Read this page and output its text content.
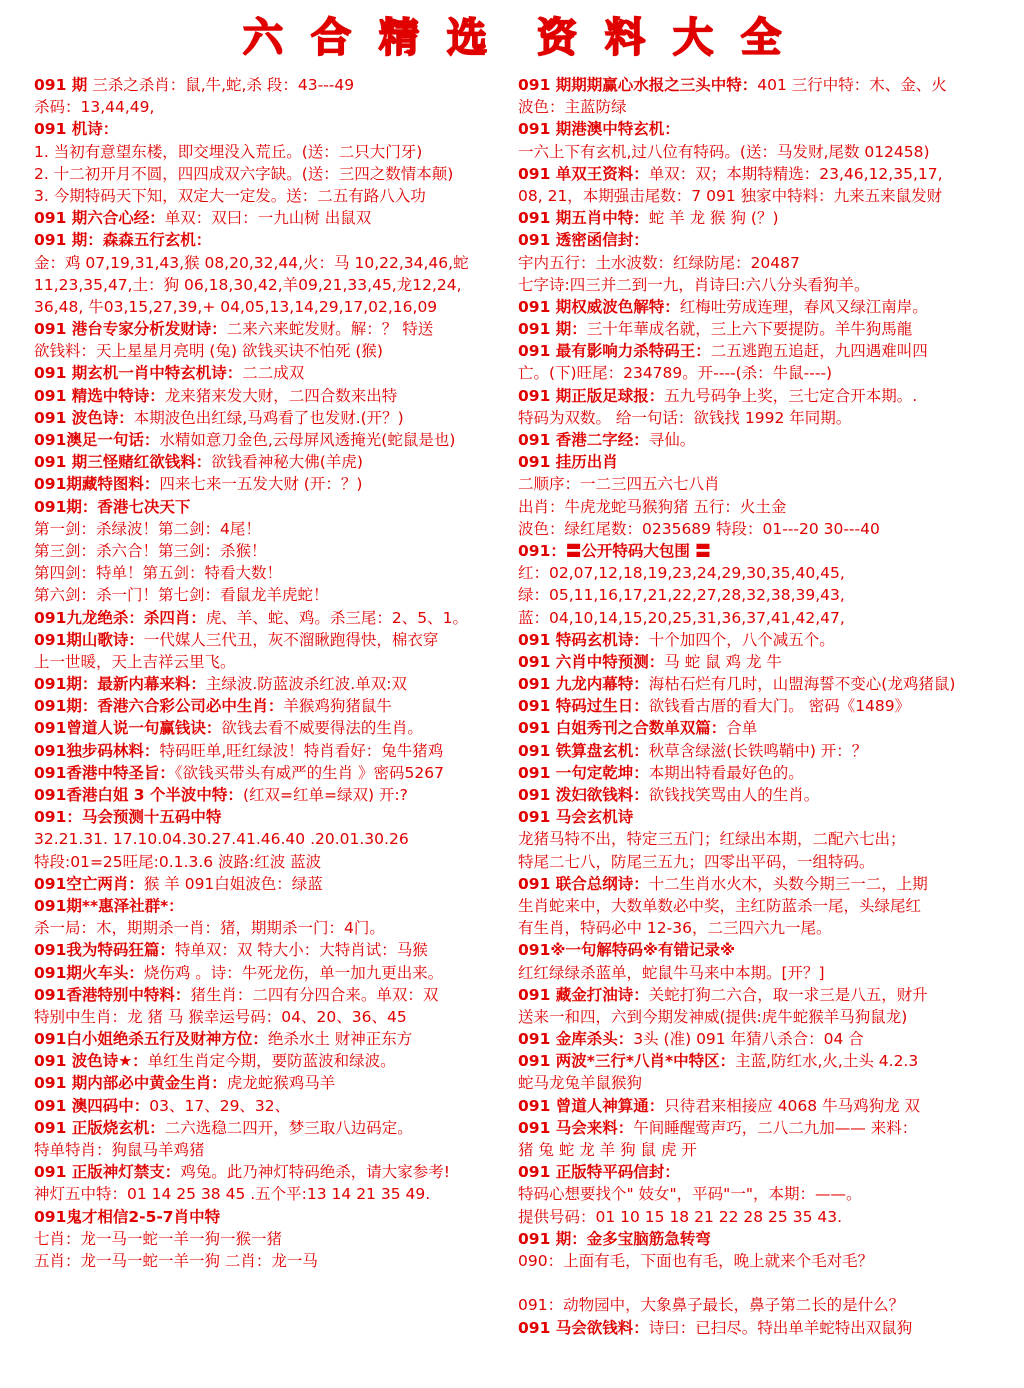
六 合 精 选 资 料 大 全
091 期 三杀之杀肖：鼠,牛,蛇,杀 段：43---49
杀码：13,44,49,
091 机诗：
1. 当初有意望东楼，即交埋没入荒丘。(送：二只大门牙)
2. 十二初开月不圆，四四成双六字缺。(送：三四之数情本颠)
3. 今期特码天下知，双定大一定发。送：二五有路八入功
091 期六合心经：单双：双曰：一九山树 出鼠双
091 期：森森五行玄机：
金：鸡 07,19,31,43,猴 08,20,32,44,火：马 10,22,34,46,蛇
11,23,35,47,土：狗 06,18,30,42,羊09,21,33,45,龙12,24,
36,48, 牛03,15,27,39,+ 04,05,13,14,29,17,02,16,09
091 港台专家分析发财诗：二来六来蛇发财。解：？ 特送
欲钱料：天上星星月亮明 (兔) 欲钱买诀不怕死 (猴)
091 期玄机一肖中特玄机诗：二二成双
091 精选中特诗：龙来猪来发大财，二四合数来出特
091 波色诗：本期波色出红绿,马鸡看了也发财.(开？)
091澳足一句话：水精如意刀金色,云母屏风透掩光(蛇鼠是也)
091 期三怪赌红欲钱料：欲钱看神秘大佛(羊虎)
091期藏特图料：四来七来一五发大财 (开：？)
091期：香港七决天下
第一剑：杀绿波！第二剑：4尾！
第三剑：杀六合！第三剑：杀猴！
第四剑：特单！第五剑：特看大数！
第六剑：杀一门！第七剑：看鼠龙羊虎蛇！
091九龙绝杀：杀四肖：虎、羊、蛇、鸡。杀三尾：2、5、1。
091期山歌诗：一代媒人三代丑，灰不溜瞅跑得快，棉衣穿
上一世暖，天上吉祥云里飞。
091期：最新内幕来料：主绿波.防蓝波杀红波.单双:双
091期：香港六合彩公司必中生肖：羊猴鸡狗猪鼠牛
091曾道人说一句赢钱诀：欲钱去看不威要得法的生肖。
091独步码林料：特码旺单,旺红绿波！特肖看好：兔牛猪鸡
091香港中特圣旨：《欲钱买带头有威严的生肖 》密码5267
091香港白姐 3 个半波中特：(红双=红单=绿双) 开:?
091：马会预测十五码中特
32.21.31. 17.10.04.30.27.41.46.40 .20.01.30.26
特段:01=25旺尾:0.1.3.6 波路:红波 蓝波
091空亡两肖：猴 羊 091白姐波色：绿蓝
091期**惠泽社群*：
杀一局：木，期期杀一肖：猪，期期杀一门：4门。
091我为特码狂篇：特单双：双 特大小：大特肖试：马猴
091期火车头：烧伤鸡 。诗：牛死龙伤，单一加九更出来。
091香港特别中特料：猪生肖：二四有分四合来。单双：双
特别中生肖：龙 猪 马 猴幸运号码：04、20、36、45
091白小姐绝杀五行及财神方位：绝杀水土 财神正东方
091 波色诗★：单红生肖定今期，要防蓝波和绿波。
091 期内部必中黄金生肖：虎龙蛇猴鸡马羊
091 澳四码中：03、17、29、32、
091 正版烧玄机：二六选稳二四开，梦三取八边码定。
特单特肖：狗鼠马羊鸡猪
091 正版神灯禁支：鸡兔。此乃神灯特码绝杀，请大家参考!
神灯五中特：01 14 25 38 45 .五个平:13 14 21 35 49.
091鬼才相信2-5-7肖中特
七肖：龙一马一蛇一羊一狗一猴一猪
五肖：龙一马一蛇一羊一狗 二肖：龙一马
091 期期期赢心水报之三头中特：401 三行中特：木、金、火
波色：主蓝防绿
091 期港澳中特玄机：
一六上下有玄机,过八位有特码。(送：马发财,尾数 012458)
091 单双王资料：单双：双；本期特精选：23,46,12,35,17,
08, 21，本期强击尾数：7 091 独家中特料：九来五来鼠发财
091 期五肖中特：蛇 羊 龙 猴 狗 (？)
091 透密函信封：
宇内五行：土水波数：红绿防尾：20487
七字诗:四三并二到一九，肖诗曰:六八分头看狗羊。
091 期权威波色解特：红梅吐劳成连理，春风又绿江南岸。
091 期：三十年華成名就，三上六下要提防。羊牛狗馬龍
091 最有影响力杀特码王：二五逃跑五追赶，九四遇难叫四
亡。(下)旺尾：234789。开----(杀：牛鼠----)
091 期正版足球报：五九号码争上奖，三七定合开本期。.
特码为双数。 给一句话：欲钱找 1992 年同期。
091 香港二字经：寻仙。
091 挂历出肖
二顺序：一二三四五六七八肖
出肖：牛虎龙蛇马猴狗猪 五行：火土金
波色：绿红尾数：0235689 特段：01---20 30---40
091：〓公开特码大包围 〓
红：02,07,12,18,19,23,24,29,30,35,40,45,
绿：05,11,16,17,21,22,27,28,32,38,39,43,
蓝：04,10,14,15,20,25,31,36,37,41,42,47,
091 特码玄机诗：十个加四个，八个减五个。
091 六肖中特预测：马 蛇 鼠 鸡 龙 牛
091 九龙内幕特：海枯石烂有几时，山盟海誓不变心(龙鸡猪鼠)
091 特码过生日：欲钱看古厝的看大门。 密码《1489》
091 白姐秀刊之合数单双篇：合单
091 铁算盘玄机：秋草含绿滋(长铁鸣鞘中) 开：？
091 一句定乾坤：本期出特看最好色的。
091 泼妇欲钱料：欲钱找笑骂由人的生肖。
091 马会玄机诗
龙猪马特不出，特定三五门；红绿出本期，二配六七出；
特尾二七八，防尾三五九；四零出平码，一组特码。
091 联合总纲诗：十二生肖水火木，头数今期三一二，上期
生肖蛇来中，大数单数必中奖，主红防蓝杀一尾，头绿尾红
有生肖，特码必中 12-36，二三四六九一尾。
091※一句解特码※有错记录※
红红绿绿杀蓝单，蛇鼠牛马来中本期。[开？]
091 藏金打油诗：关蛇打狗二六合，取一求三是八五，财升
送来一和四，六到今期发神威(提供:虎牛蛇猴羊马狗鼠龙)
091 金库杀头：3头 (准) 091 年猜八杀合：04 合
091 两波*三行*八肖*中特区：主蓝,防红水,火,土头 4.2.3
蛇马龙兔羊鼠猴狗
091 曾道人神算通：只待君来相接应 4068 牛马鸡狗龙 双
091 马会来料：午间睡醒莺声巧，二八二九加—— 来料：
猪 兔 蛇 龙 羊 狗 鼠 虎 开
091 正版特平码信封：
特码心想要找个" 妓女"，平码"一"，本期：——。
提供号码：01 10 15 18 21 22 28 25 35 43.
091 期：金多宝脑筋急转弯
090：上面有毛，下面也有毛，晚上就来个毛对毛？
091：动物园中，大象鼻子最长，鼻子第二长的是什么？
091 马会欲钱料：诗曰：已扫尽。特出单羊蛇特出双鼠狗
